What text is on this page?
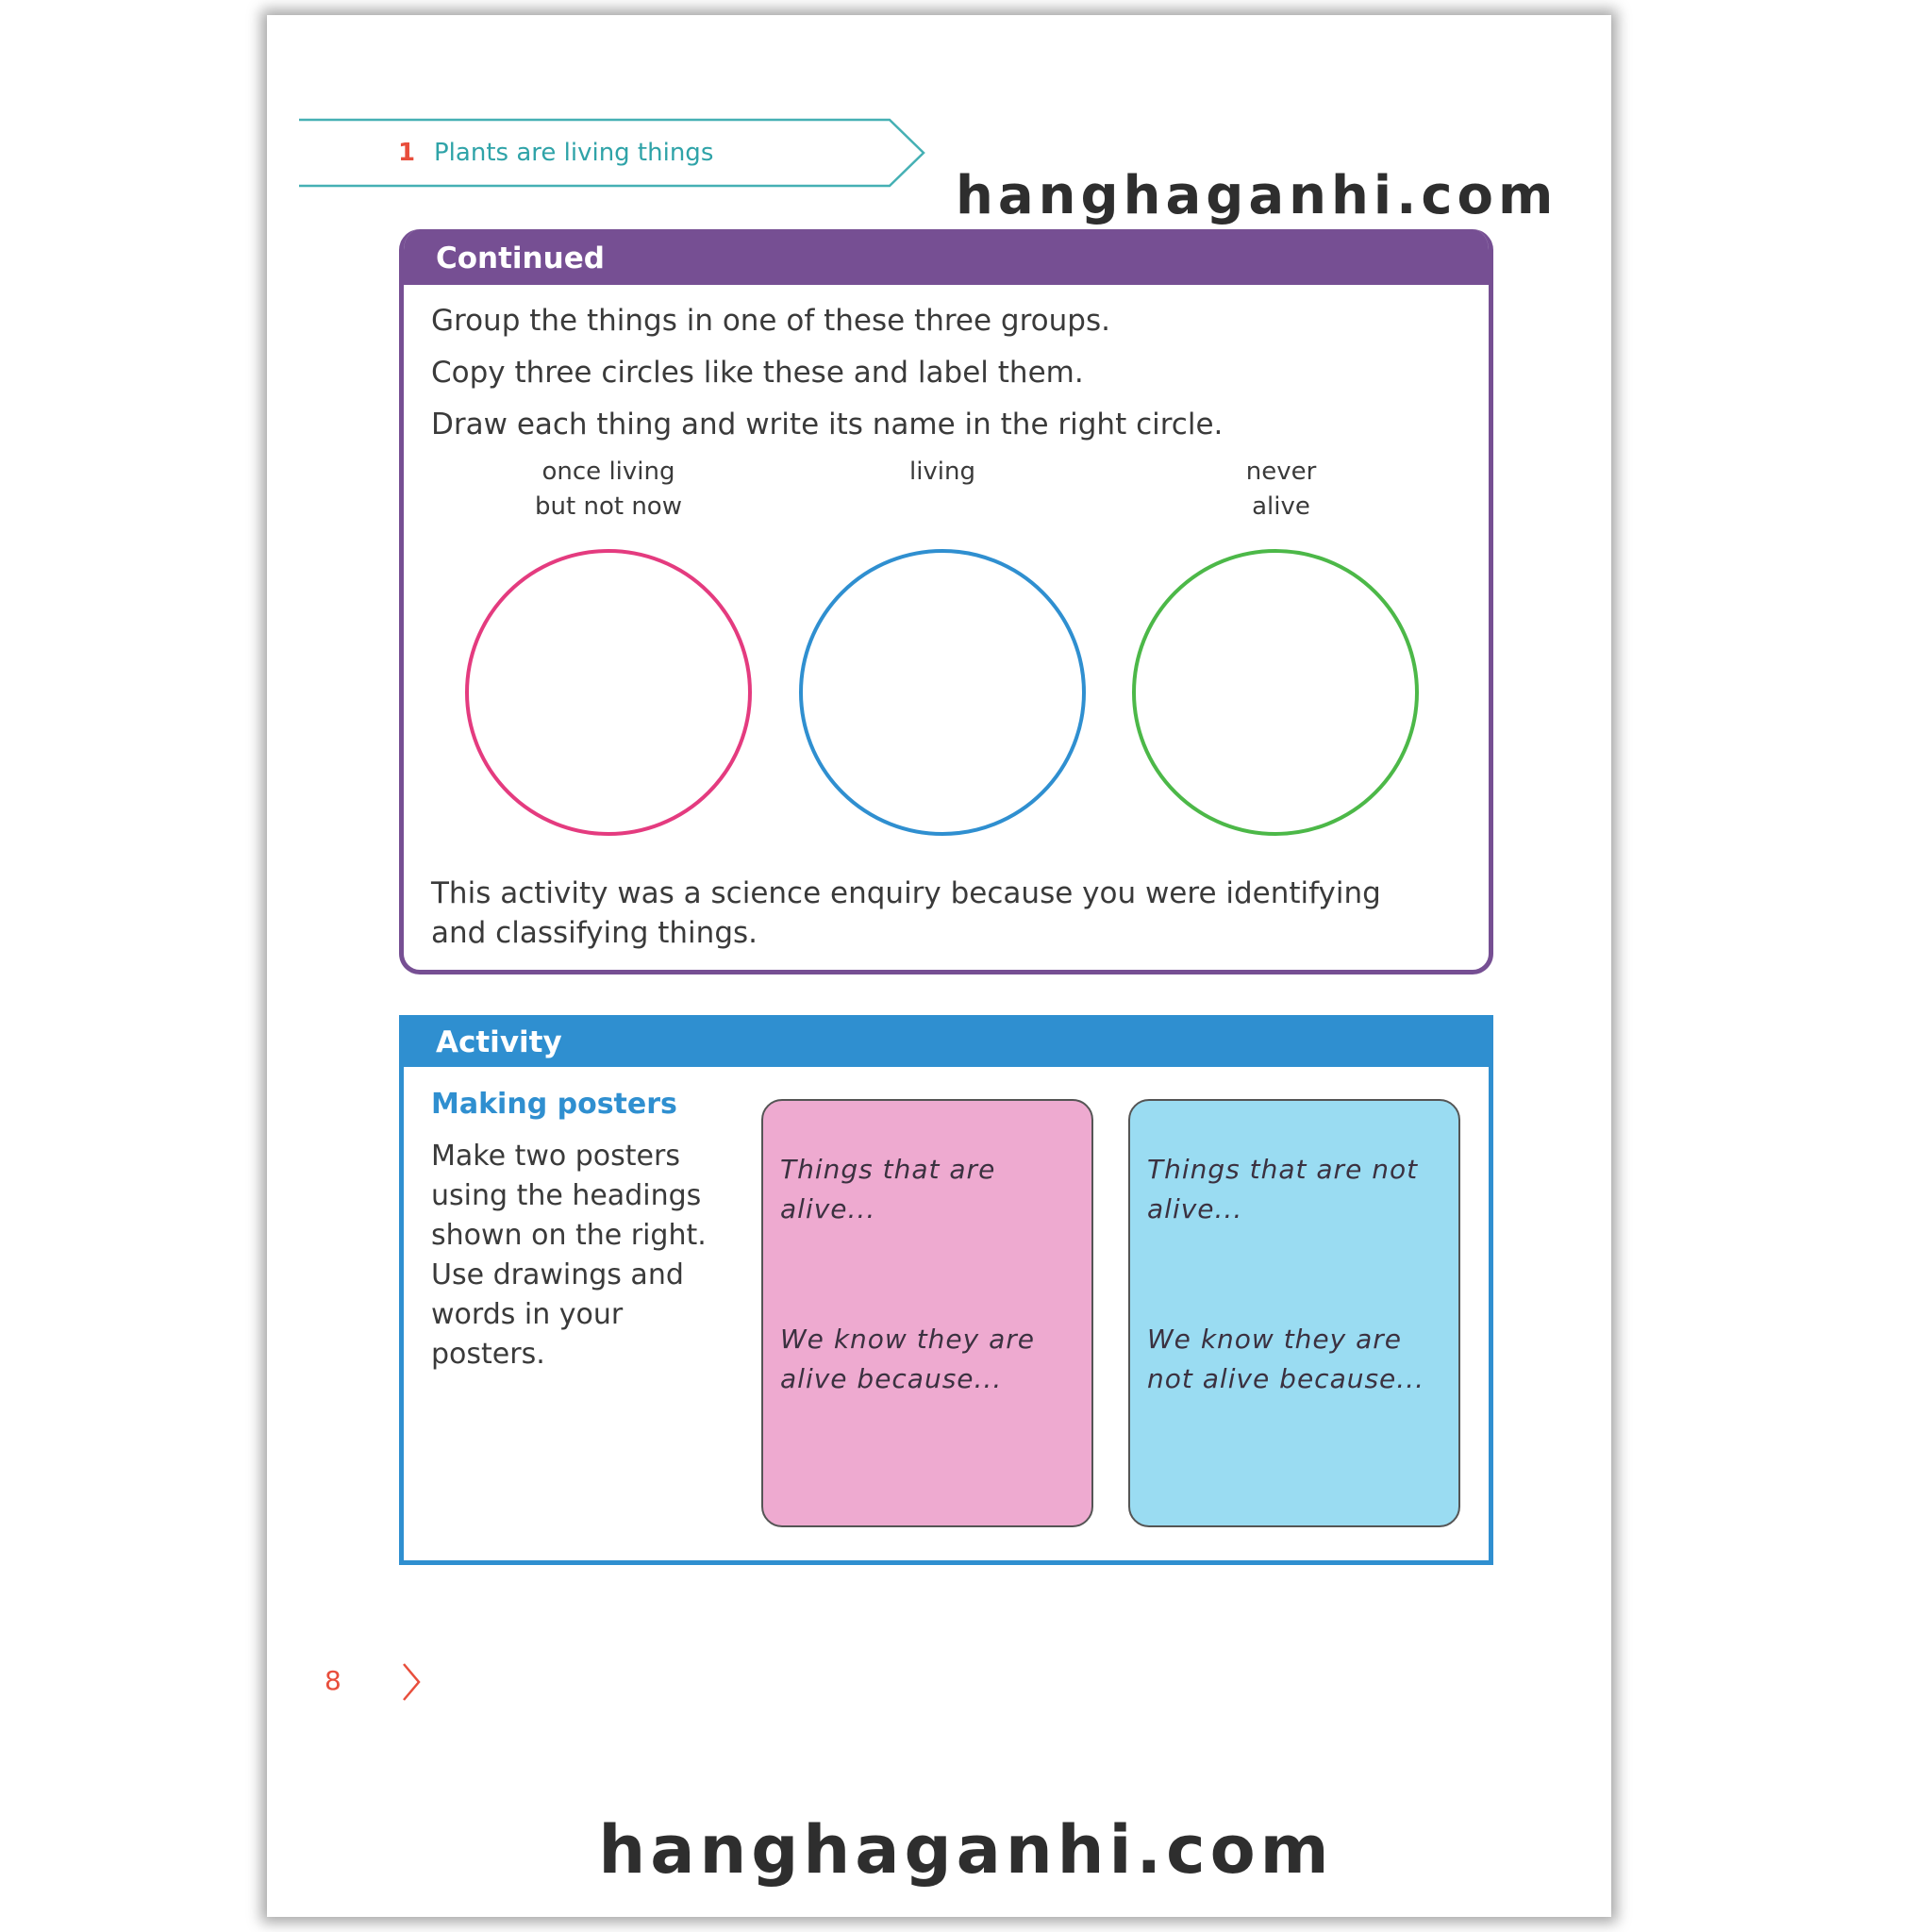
1 Plants are living things
hanghaganhi.com
Continued
Group the things in one of these three groups.
Copy three circles like these and label them.
Draw each thing and write its name in the right circle.
once living
but not now
living	never
alive
This activity was a science enquiry because you were identifying
and classifying things.
Activity
Making posters
Make two posters
using the headings
shown on the right.
Use drawings and
words in your
posters.
Things that are alive...
We know they are
alive because...
Things that are not
alive...
We know they are
not alive because...
8
hanghaganhi.com
